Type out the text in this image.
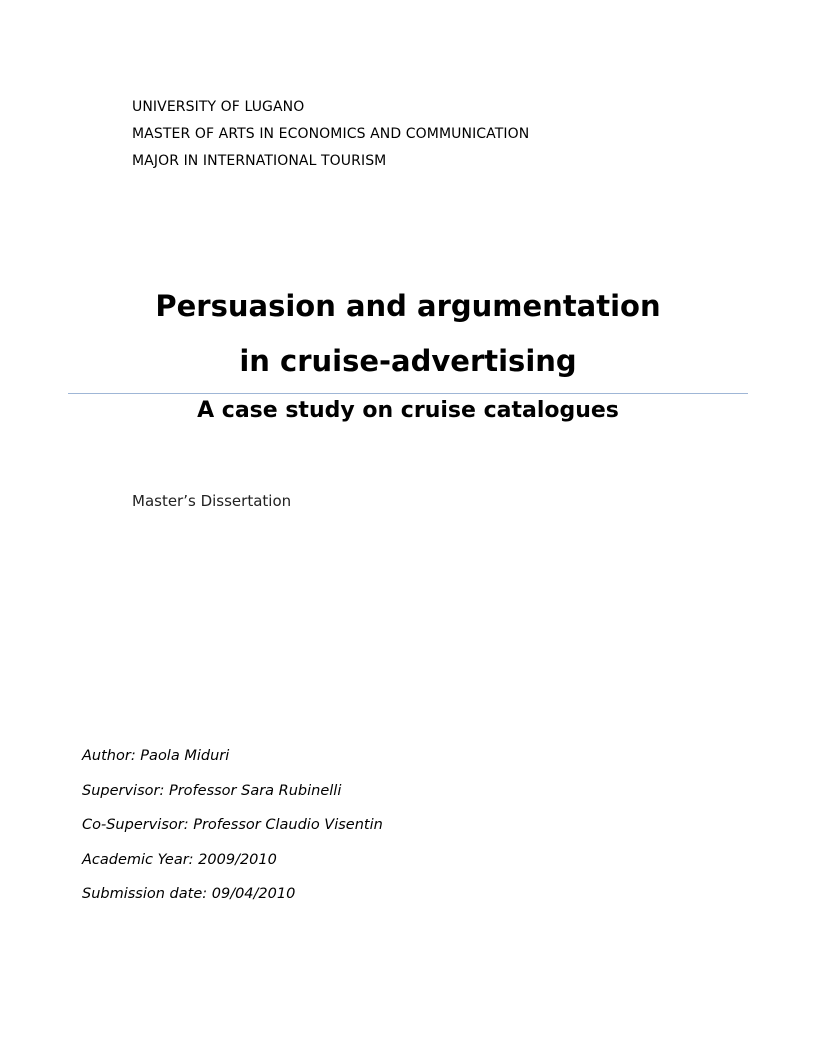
UNIVERSITY OF LUGANO
MASTER OF ARTS IN ECONOMICS AND COMMUNICATION
MAJOR IN INTERNATIONAL TOURISM
Persuasion and argumentation
in cruise-advertising
A case study on cruise catalogues
Master’s Dissertation
Author: Paola Miduri
Supervisor: Professor Sara Rubinelli
Co-Supervisor: Professor Claudio Visentin
Academic Year: 2009/2010
Submission date: 09/04/2010
